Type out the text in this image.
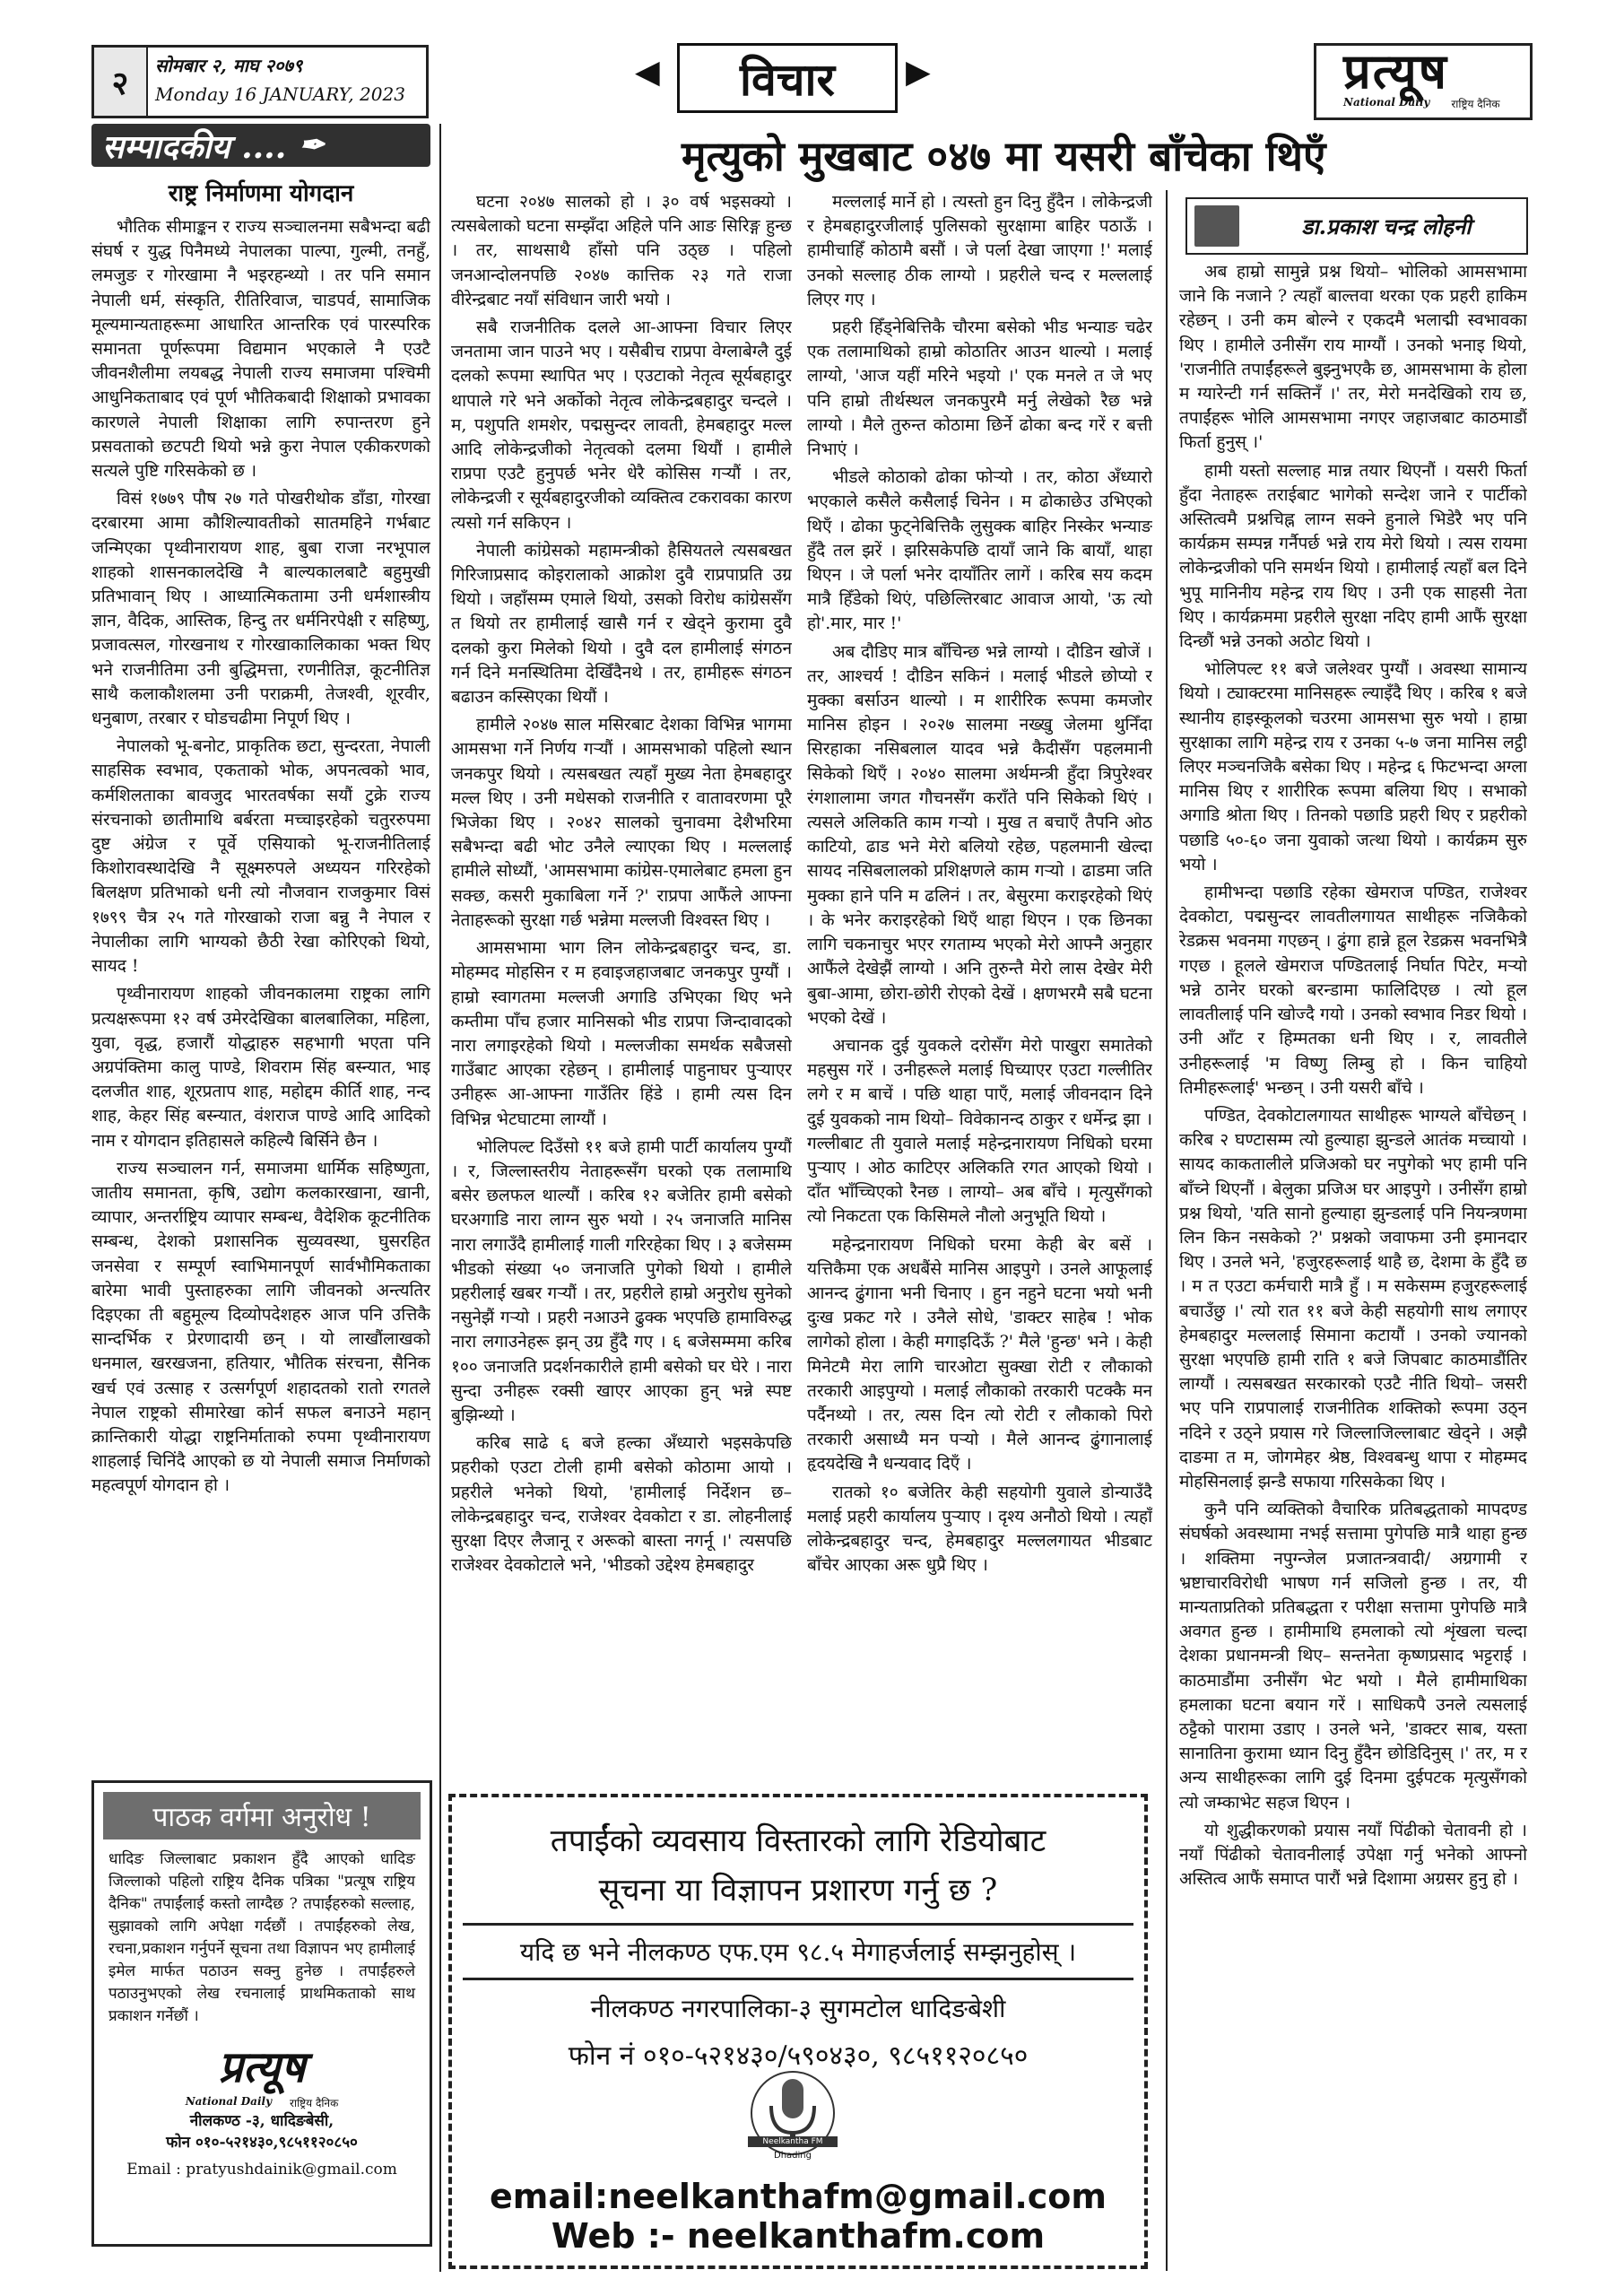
२	सोमबार २, माघ २०७९
Monday 16 JANUARY, 2023
◀	विचार	▶	प्रत्यूष
National Daily राष्ट्रिय दैनिक
सम्पादकीय .... ✒
राष्ट्र निर्माणमा योगदान

भौतिक सीमाङ्कन र राज्य सञ्चालनमा सबैभन्दा बढी संघर्ष र युद्ध पिनैमध्ये नेपालका पाल्पा, गुल्मी, तनहुँ, लमजुङ र गोरखामा नै भइरहन्थ्यो । तर पनि समान नेपाली धर्म, संस्कृति, रीतिरिवाज, चाडपर्व, सामाजिक मूल्यमान्यताहरूमा आधारित आन्तरिक एवं पारस्परिक समानता पूर्णरूपमा विद्यमान भएकाले नै एउटै जीवनशैलीमा लयबद्ध नेपाली राज्य समाजमा पश्चिमी आधुनिकताबाद एवं पूर्ण भौतिकबादी शिक्षाको प्रभावका कारणले नेपाली शिक्षाका लागि रुपान्तरण हुने प्रसवताको छटपटी थियो भन्ने कुरा नेपाल एकीकरणको सत्यले पुष्टि गरिसकेको छ ।

विसं १७७९ पौष २७ गते पोखरीथोक डाँडा, गोरखा दरबारमा आमा कौशिल्यावतीको सातमहिने गर्भबाट जन्मिएका पृथ्वीनारायण शाह, बुबा राजा नरभूपाल शाहको शासनकालदेखि नै बाल्यकालबाटै बहुमुखी प्रतिभावान् थिए । आध्यात्मिकतामा उनी धर्मशास्त्रीय ज्ञान, वैदिक, आस्तिक, हिन्दु तर धर्मनिरपेक्षी र सहिष्णु, प्रजावत्सल, गोरखनाथ र गोरखाकालिकाका भक्त थिए भने राजनीतिमा उनी बुद्धिमत्ता, रणनीतिज्ञ, कूटनीतिज्ञ साथै कलाकौशलमा उनी पराक्रमी, तेजश्वी, शूरवीर, धनुबाण, तरबार र घोडचढीमा निपूर्ण थिए ।

नेपालको भू-बनोट, प्राकृतिक छटा, सुन्दरता, नेपाली साहसिक स्वभाव, एकताको भोक, अपनत्वको भाव, कर्मशिलताका बावजुद भारतवर्षका सयौं टुक्रे राज्य संरचनाको छातीमाथि बर्बरता मच्चाइरहेको चतुररुपमा दुष्ट अंग्रेज र पूर्वे एसियाको भू-राजनीतिलाई किशोरावस्थादेखि नै सूक्ष्मरुपले अध्ययन गरिरहेको बिलक्षण प्रतिभाको धनी त्यो नौजवान राजकुमार विसं १७९९ चैत्र २५ गते गोरखाको राजा बन्नु नै नेपाल र नेपालीका लागि भाग्यको छैठी रेखा कोरिएको थियो, सायद !

पृथ्वीनारायण शाहको जीवनकालमा राष्ट्रका लागि प्रत्यक्षरूपमा १२ वर्ष उमेरदेखिका बालबालिका, महिला, युवा, वृद्ध, हजारौं योद्धाहरु सहभागी भएता पनि अग्रपंक्तिमा कालु पाण्डे, शिवराम सिंह बस्न्यात, भाइ दलजीत शाह, शूरप्रताप शाह, महोद्दम कीर्ति शाह, नन्द शाह, केहर सिंह बस्न्यात, वंशराज पाण्डे आदि आदिको नाम र योगदान इतिहासले कहिल्यै बिर्सिने छैन ।

राज्य सञ्चालन गर्न, समाजमा धार्मिक सहिष्णुता, जातीय समानता, कृषि, उद्योग कलकारखाना, खानी, व्यापार, अन्तर्राष्ट्रिय व्यापार सम्बन्ध, वैदेशिक कूटनीतिक सम्बन्ध, देशको प्रशासनिक सुव्यवस्था, घुसरहित जनसेवा र सम्पूर्ण स्वाभिमानपूर्ण सार्वभौमिकताका बारेमा भावी पुस्ताहरुका लागि जीवनको अन्त्यतिर दिइएका ती बहुमूल्य दिव्योपदेशहरु आज पनि उत्तिकै सान्दर्भिक र प्रेरणादायी छन् । यो लाखौंलाखको धनमाल, खरखजना, हतियार, भौतिक संरचना, सैनिक खर्च एवं उत्साह र उत्सर्गपूर्ण शहादतको रातो रगतले नेपाल राष्ट्रको सीमारेखा कोर्न सफल बनाउने महान् क्रान्तिकारी योद्धा राष्ट्रनिर्माताको रुपमा पृथ्वीनारायण शाहलाई चिनिंदै आएको छ यो नेपाली समाज निर्माणको महत्वपूर्ण योगदान हो ।

मृत्युको मुखबाट ०४७ मा यसरी बाँचेका थिएँ
डा.प्रकाश चन्द्र लोहनी

घटना २०४७ सालको हो । ३० वर्ष भइसक्यो । त्यसबेलाको घटना सम्झँदा अहिले पनि आङ सिरिङ्ग हुन्छ । तर, साथसाथै हाँसो पनि उठ्छ । पहिलो जनआन्दोलनपछि २०४७ कात्तिक २३ गते राजा वीरेन्द्रबाट नयाँ संविधान जारी भयो ।

सबै राजनीतिक दलले आ-आफ्ना विचार लिएर जनतामा जान पाउने भए । यसैबीच राप्रपा वेग्लाबेग्लै दुई दलको रूपमा स्थापित भए । एउटाको नेतृत्व सूर्यबहादुर थापाले गरे भने अर्कोको नेतृत्व लोकेन्द्रबहादुर चन्दले । म, पशुपति शमशेर, पद्मसुन्दर लावती, हेमबहादुर मल्ल आदि लोकेन्द्रजीको नेतृत्वको दलमा थियौं । हामीले राप्रपा एउटै हुनुपर्छ भनेर धेरै कोसिस गर्‍यौं । तर, लोकेन्द्रजी र सूर्यबहादुरजीको व्यक्तित्व टकरावका कारण त्यसो गर्न सकिएन ।

नेपाली कांग्रेसको महामन्त्रीको हैसियतले त्यसबखत गिरिजाप्रसाद कोइरालाको आक्रोश दुवै राप्रपाप्रति उग्र थियो । जहाँसम्म एमाले थियो, उसको विरोध कांग्रेससँग त थियो तर हामीलाई खासै गर्न र खेद्ने कुरामा दुवै दलको कुरा मिलेको थियो । दुवै दल हामीलाई संगठन गर्न दिने मनस्थितिमा देखिँदैनथे । तर, हामीहरू संगठन बढाउन कस्सिएका थियौं ।

हामीले २०४७ साल मसिरबाट देशका विभिन्न भागमा आमसभा गर्ने निर्णय गर्‍यौं । आमसभाको पहिलो स्थान जनकपुर थियो । त्यसबखत त्यहाँ मुख्य नेता हेमबहादुर मल्ल थिए । उनी मधेसको राजनीति र वातावरणमा पूरै भिजेका थिए । २०४२ सालको चुनावमा देशैभरिमा सबैभन्दा बढी भोट उनैले ल्याएका थिए । मल्ललाई हामीले सोध्यौं, 'आमसभामा कांग्रेस-एमालेबाट हमला हुन सक्छ, कसरी मुकाबिला गर्ने ?' राप्रपा आफैंले आफ्ना नेताहरूको सुरक्षा गर्छ भन्नेमा मल्लजी विश्वस्त थिए ।

आमसभामा भाग लिन लोकेन्द्रबहादुर चन्द, डा. मोहम्मद मोहसिन र म हवाइजहाजबाट जनकपुर पुग्यौं । हाम्रो स्वागतमा मल्लजी अगाडि उभिएका थिए भने कम्तीमा पाँच हजार मानिसको भीड राप्रपा जिन्दावादको नारा लगाइरहेको थियो । मल्लजीका समर्थक सबैजसो गाउँबाट आएका रहेछन् । हामीलाई पाहुनाघर पुर्‍याएर उनीहरू आ-आफ्ना गाउँतिर हिंडे । हामी त्यस दिन विभिन्न भेटघाटमा लाग्यौं ।

भोलिपल्ट दिउँसो ११ बजे हामी पार्टी कार्यालय पुग्यौं । र, जिल्लास्तरीय नेताहरूसँग घरको एक तलामाथि बसेर छलफल थाल्यौं । करिब १२ बजेतिर हामी बसेको घरअगाडि नारा लाग्न सुरु भयो । २५ जनाजति मानिस नारा लगाउँदै हामीलाई गाली गरिरहेका थिए । ३ बजेसम्म भीडको संख्या ५० जनाजति पुगेको थियो । हामीले प्रहरीलाई खबर गर्‍यौं । तर, प्रहरीले हाम्रो अनुरोध सुनेको नसुनेझैं गर्‍यो । प्रहरी नआउने ढुक्क भएपछि हामाविरुद्ध नारा लगाउनेहरू झन् उग्र हुँदै गए । ६ बजेसम्ममा करिब १०० जनाजति प्रदर्शनकारीले हामी बसेको घर घेरे । नारा सुन्दा उनीहरू रक्सी खाएर आएका हुन् भन्ने स्पष्ट बुझिन्थ्यो ।

करिब साढे ६ बजे हल्का अँध्यारो भइसकेपछि प्रहरीको एउटा टोली हामी बसेको कोठामा आयो । प्रहरीले भनेको थियो, 'हामीलाई निर्देशन छ– लोकेन्द्रबहादुर चन्द, राजेश्वर देवकोटा र डा. लोहनीलाई सुरक्षा दिएर लैजानू र अरूको बास्ता नगर्नू ।' त्यसपछि राजेश्वर देवकोटाले भने, 'भीडको उद्देश्य हेमबहादुर

मल्ललाई मार्ने हो । त्यस्तो हुन दिनु हुँदैन । लोकेन्द्रजी र हेमबहादुरजीलाई पुलिसको सुरक्षामा बाहिर पठाऊँ । हामीचाहिँ कोठामै बसौं । जे पर्ला देखा जाएगा !' मलाई उनको सल्लाह ठीक लाग्यो । प्रहरीले चन्द र मल्ललाई लिएर गए ।

प्रहरी हिँड्नेबित्तिकै चौरमा बसेको भीड भन्याङ चढेर एक तलामाथिको हाम्रो कोठातिर आउन थाल्यो । मलाई लाग्यो, 'आज यहीं मरिने भइयो ।' एक मनले त जे भए पनि हाम्रो तीर्थस्थल जनकपुरमै मर्नु लेखेको रैछ भन्ने लाग्यो । मैले तुरुन्त कोठामा छिर्ने ढोका बन्द गरें र बत्ती निभाएं ।

भीडले कोठाको ढोका फोर्‍यो । तर, कोठा अँध्यारो भएकाले कसैले कसैलाई चिनेन । म ढोकाछेउ उभिएको थिएँ । ढोका फुट्नेबित्तिकै लुसुक्क बाहिर निस्केर भन्याङ हुँदै तल झरें । झरिसकेपछि दायाँ जाने कि बायाँ, थाहा थिएन । जे पर्ला भनेर दायाँतिर लागें । करिब सय कदम मात्रै हिँडेको थिएं, पछिल्तिरबाट आवाज आयो, 'ऊ त्यो हो'.मार, मार !'

अब दौडिए मात्र बाँचिन्छ भन्ने लाग्यो । दौडिन खोजें । तर, आश्चर्य ! दौडिन सकिनं । मलाई भीडले छोप्यो र मुक्का बर्साउन थाल्यो । म शारीरिक रूपमा कमजोर मानिस होइन । २०२७ सालमा नख्खु जेलमा थुनिँदा सिरहाका नसिबलाल यादव भन्ने कैदीसँग पहलमानी सिकेको थिएँ । २०४० सालमा अर्थमन्त्री हुँदा त्रिपुरेश्वर रंगशालामा जगत गौचनसँग कराँते पनि सिकेको थिएं । त्यसले अलिकति काम गर्‍यो । मुख त बचाएँ तैपनि ओठ काटियो, ढाड भने मेरो बलियो रहेछ, पहलमानी खेल्दा सायद नसिबलालको प्रशिक्षणले काम गर्‍यो । ढाडमा जति मुक्का हाने पनि म ढलिनं । तर, बेसुरमा कराइरहेको थिएं । के भनेर कराइरहेको थिएँ थाहा थिएन । एक छिनका लागि चकनाचुर भएर रगताम्य भएको मेरो आफ्नै अनुहार आफैंले देखेझैं लाग्यो । अनि तुरुन्तै मेरो लास देखेर मेरी बुबा-आमा, छोरा-छोरी रोएको देखें । क्षणभरमै सबै घटना भएको देखें ।

अचानक दुई युवकले दरोसँग मेरो पाखुरा समातेको महसुस गरें । उनीहरूले मलाई घिच्याएर एउटा गल्लीतिर लगे र म बाचें । पछि थाहा पाएँ, मलाई जीवनदान दिने दुई युवकको नाम थियो– विवेकानन्द ठाकुर र धर्मेन्द्र झा । गल्लीबाट ती युवाले मलाई महेन्द्रनारायण निधिको घरमा पुर्‍याए । ओठ काटिएर अलिकति रगत आएको थियो । दाँत भाँच्चिएको रैनछ । लाग्यो– अब बाँचे । मृत्युसँगको त्यो निकटता एक किसिमले नौलो अनुभूति थियो ।

महेन्द्रनारायण निधिको घरमा केही बेर बसें । यत्तिकैमा एक अधबैंसे मानिस आइपुगे । उनले आफूलाई आनन्द ढुंगाना भनी चिनाए । हुन नहुने घटना भयो भनी दुःख प्रकट गरे । उनैले सोधे, 'डाक्टर साहेब ! भोक लागेको होला । केही मगाइदिऊँ ?' मैले 'हुन्छ' भने । केही मिनेटमै मेरा लागि चारओटा सुक्खा रोटी र लौकाको तरकारी आइपुग्यो । मलाई लौकाको तरकारी पटक्कै मन पर्दैनथ्यो । तर, त्यस दिन त्यो रोटी र लौकाको पिरो तरकारी असाध्यै मन पर्‍यो । मैले आनन्द ढुंगानालाई हृदयदेखि नै धन्यवाद दिएँ ।

रातको १० बजेतिर केही सहयोगी युवाले डोन्याउँदै मलाई प्रहरी कार्यालय पुऱ्याए । दृश्य अनौठो थियो । त्यहाँ लोकेन्द्रबहादुर चन्द, हेमबहादुर मल्ललगायत भीडबाट बाँचेर आएका अरू धुप्रै थिए ।

अब हाम्रो सामुन्ने प्रश्न थियो– भोलिको आमसभामा जाने कि नजाने ? त्यहाँ बाल्तवा थरका एक प्रहरी हाकिम रहेछन् । उनी कम बोल्ने र एकदमै भलाद्मी स्वभावका थिए । हामीले उनीसँग राय माग्यौं । उनको भनाइ थियो, 'राजनीति तपाईंहरूले बुझ्नुभएकै छ, आमसभामा के होला म ग्यारेन्टी गर्न सक्तिनँ ।' तर, मेरो मनदेखिको राय छ, तपाईंहरू भोलि आमसभामा नगएर जहाजबाट काठमाडौं फिर्ता हुनुस् ।'

हामी यस्तो सल्लाह मान्न तयार थिएनौं । यसरी फिर्ता हुँदा नेताहरू तराईबाट भागेको सन्देश जाने र पार्टीको अस्तित्वमै प्रश्नचिह्न लाग्न सक्ने हुनाले भिडेरै भए पनि कार्यक्रम सम्पन्न गर्नैपर्छ भन्ने राय मेरो थियो । त्यस रायमा लोकेन्द्रजीको पनि समर्थन थियो । हामीलाई त्यहाँ बल दिने भुपू मानिनीय महेन्द्र राय थिए । उनी एक साहसी नेता थिए । कार्यक्रममा प्रहरीले सुरक्षा नदिए हामी आफैं सुरक्षा दिन्छौं भन्ने उनको अठोट थियो ।

भोलिपल्ट ११ बजे जलेश्वर पुग्यौं । अवस्था सामान्य थियो । ट्याक्टरमा मानिसहरू ल्याइँदै थिए । करिब १ बजे स्थानीय हाइस्कूलको चउरमा आमसभा सुरु भयो । हाम्रा सुरक्षाका लागि महेन्द्र राय र उनका ५-७ जना मानिस लट्ठी लिएर मञ्चनजिकै बसेका थिए । महेन्द्र ६ फिटभन्दा अग्ला मानिस थिए र शारीरिक रूपमा बलिया थिए । सभाको अगाडि श्रोता थिए । तिनको पछाडि प्रहरी थिए र प्रहरीको पछाडि ५०-६० जना युवाको जत्था थियो । कार्यक्रम सुरु भयो ।

हामीभन्दा पछाडि रहेका खेमराज पण्डित, राजेश्वर देवकोटा, पद्मसुन्दर लावतीलगायत साथीहरू नजिकैको रेडक्रस भवनमा गएछन् । ढुंगा हान्ने हूल रेडक्रस भवनभित्रै गएछ । हूलले खेमराज पण्डितलाई निर्घात पिटेर, मऱ्यो भन्ने ठानेर घरको बरन्डामा फालिदिएछ । त्यो हूल लावतीलाई पनि खोज्दै गयो । उनको स्वभाव निडर थियो । उनी आँट र हिम्मतका धनी थिए । र, लावतीले उनीहरूलाई 'म विष्णु लिम्बु हो । किन चाहियो तिमीहरूलाई' भन्छन् । उनी यसरी बाँचे ।

पण्डित, देवकोटालगायत साथीहरू भाग्यले बाँचेछन् । करिब २ घण्टासम्म त्यो हुल्याहा झुन्डले आतंक मच्चायो । सायद काकतालीले प्रजिअको घर नपुगेको भए हामी पनि बाँच्ने थिएनौं । बेलुका प्रजिअ घर आइपुगे । उनीसँग हाम्रो प्रश्न थियो, 'यति सानो हुल्याहा झुन्डलाई पनि नियन्त्रणमा लिन किन नसकेको ?' प्रश्नको जवाफमा उनी इमानदार थिए । उनले भने, 'हजुरहरूलाई थाहै छ, देशमा के हुँदै छ । म त एउटा कर्मचारी मात्रै हुँ । म सकेसम्म हजुरहरूलाई बचाउँछु ।' त्यो रात ११ बजे केही सहयोगी साथ लगाएर हेमबहादुर मल्ललाई सिमाना कटायौं । उनको ज्यानको सुरक्षा भएपछि हामी राति १ बजे जिपबाट काठमाडौंतिर लाग्यौं । त्यसबखत सरकारको एउटै नीति थियो– जसरी भए पनि राप्रपालाई राजनीतिक शक्तिको रूपमा उठ्न नदिने र उठ्ने प्रयास गरे जिल्लाजिल्लाबाट खेद्ने । अझै दाङमा त म, जोगमेहर श्रेष्ठ, विश्वबन्धु थापा र मोहम्मद मोहसिनलाई झन्डै सफाया गरिसकेका थिए ।

कुनै पनि व्यक्तिको वैचारिक प्रतिबद्धताको मापदण्ड संघर्षको अवस्थामा नभई सत्तामा पुगेपछि मात्रै थाहा हुन्छ । शक्तिमा नपुग्न्जेल प्रजातन्त्रवादी/ अग्रगामी र भ्रष्टाचारविरोधी भाषण गर्न सजिलो हुन्छ । तर, यी मान्यताप्रतिको प्रतिबद्धता र परीक्षा सत्तामा पुगेपछि मात्रै अवगत हुन्छ । हामीमाथि हमलाको त्यो शृंखला चल्दा देशका प्रधानमन्त्री थिए– सन्तनेता कृष्णप्रसाद भट्टराई । काठमाडौंमा उनीसँग भेट भयो । मैले हामीमाथिका हमलाका घटना बयान गरें । साधिकपै उनले त्यसलाई ठट्टैको पारामा उडाए । उनले भने, 'डाक्टर साब, यस्ता सानातिना कुरामा ध्यान दिनु हुँदैन छोडिदिनुस् ।' तर, म र अन्य साथीहरूका लागि दुई दिनमा दुईपटक मृत्युसँगको त्यो जम्काभेट सहज थिएन ।

यो शुद्धीकरणको प्रयास नयाँ पिंढीको चेतावनी हो । नयाँ पिंढीको चेतावनीलाई उपेक्षा गर्नु भनेको आफ्नो अस्तित्व आफैं समाप्त पारौं भन्ने दिशामा अग्रसर हुनु हो ।

पाठक वर्गमा अनुरोध !

धादिङ जिल्लाबाट प्रकाशन हुँदै आएको धादिङ जिल्लाको पहिलो राष्ट्रिय दैनिक पत्रिका "प्रत्यूष राष्ट्रिय दैनिक" तपाईंलाई कस्तो लाग्दैछ ? तपाईंहरुको सल्लाह, सुझावको लागि अपेक्षा गर्दछौं । तपाईंहरुको लेख, रचना,प्रकाशन गर्नुपर्ने सूचना तथा विज्ञापन भए हामीलाई इमेल मार्फत पठाउन सक्नु हुनेछ । तपाईंहरुले पठाउनुभएको लेख रचनालाई प्राथमिकताको साथ प्रकाशन गर्नेछौं ।

प्रत्यूष
National Daily राष्ट्रिय दैनिक
नीलकण्ठ -३, धादिङबेसी,
फोन ०१०-५२१४३०,९८५११२०८५०
Email : pratyushdainik@gmail.com
तपाईंको व्यवसाय विस्तारको लागि रेडियोबाट
सूचना या विज्ञापन प्रशारण गर्नु छ ?
यदि छ भने नीलकण्ठ एफ.एम ९८.५ मेगाहर्जलाई सम्झनुहोस् ।
नीलकण्ठ नगरपालिका-३ सुगमटोल धादिङबेशी
फोन नं ०१०-५२१४३०/५९०४३०, ९८५११२०८५०
Neelkantha FM
Dhading
email:neelkanthafm@gmail.com
Web :- neelkanthafm.com
